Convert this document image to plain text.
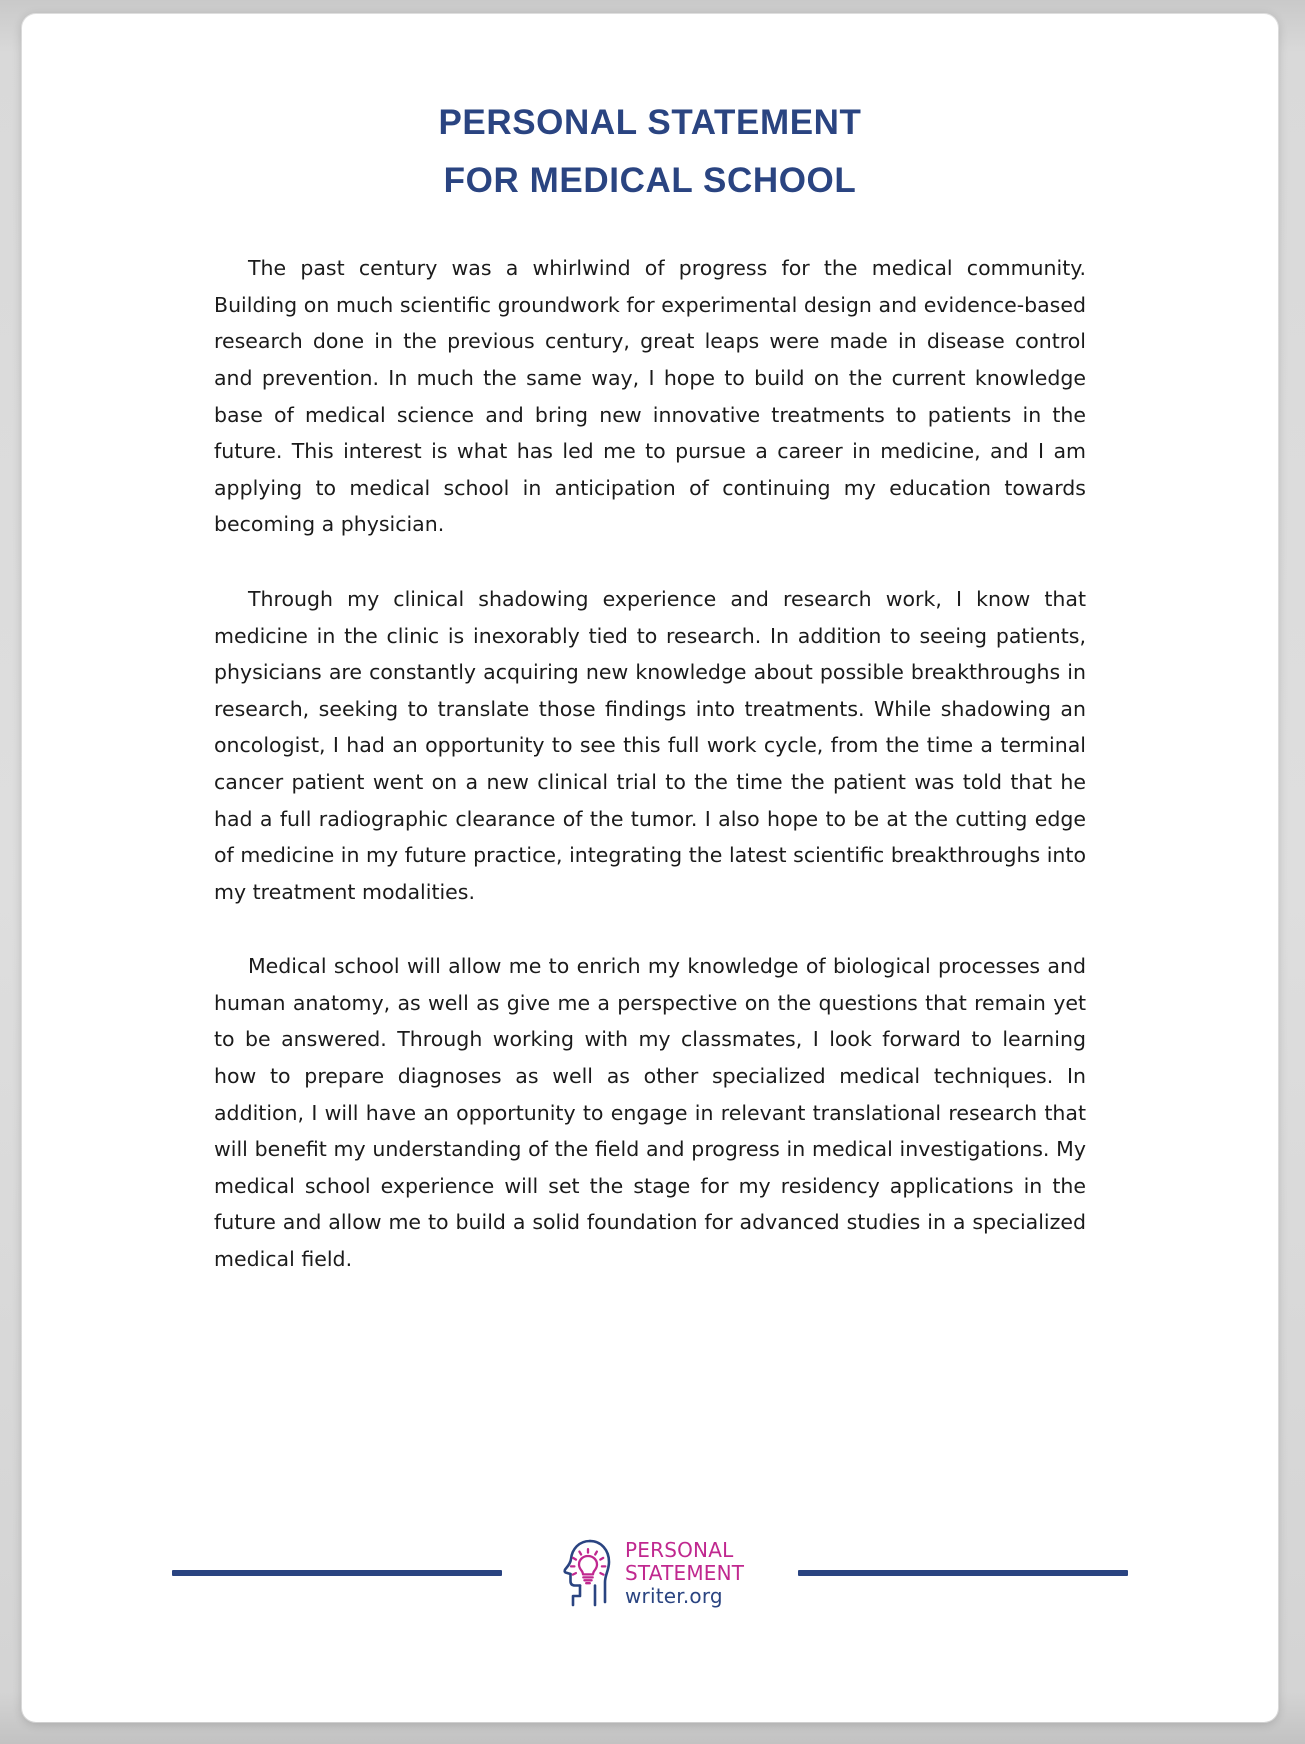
PERSONAL STATEMENT
FOR MEDICAL SCHOOL

The past century was a whirlwind of progress for the medical community. Building on much scientific groundwork for experimental design and evidence-based research done in the previous century, great leaps were made in disease control and prevention. In much the same way, I hope to build on the current knowledge base of medical science and bring new innovative treatments to patients in the future. This interest is what has led me to pursue a career in medicine, and I am applying to medical school in anticipation of continuing my education towards becoming a physician.

Through my clinical shadowing experience and research work, I know that medicine in the clinic is inexorably tied to research. In addition to seeing patients, physicians are constantly acquiring new knowledge about possible breakthroughs in research, seeking to translate those findings into treatments. While shadowing an oncologist, I had an opportunity to see this full work cycle, from the time a terminal cancer patient went on a new clinical trial to the time the patient was told that he had a full radiographic clearance of the tumor. I also hope to be at the cutting edge of medicine in my future practice, integrating the latest scientific breakthroughs into my treatment modalities.

Medical school will allow me to enrich my knowledge of biological processes and human anatomy, as well as give me a perspective on the questions that remain yet to be answered. Through working with my classmates, I look forward to learning how to prepare diagnoses as well as other specialized medical techniques. In addition, I will have an opportunity to engage in relevant translational research that will benefit my understanding of the field and progress in medical investigations. My medical school experience will set the stage for my residency applications in the future and allow me to build a solid foundation for advanced studies in a specialized medical field.

PERSONAL
STATEMENT
writer.org
